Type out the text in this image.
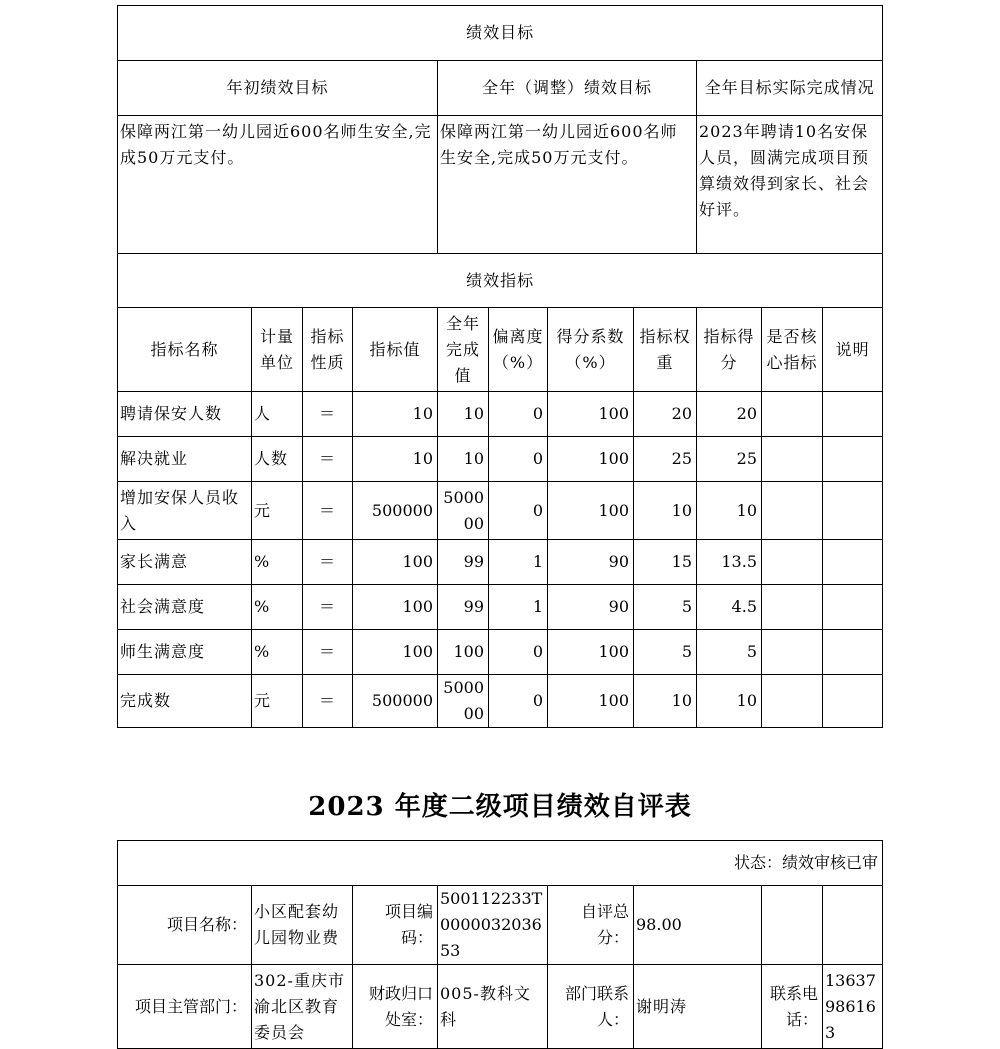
绩效目标										
年初绩效目标				全年（调整）绩效目标				全年目标实际完成情况		
保障两江第一幼儿园近600名师生安全,完成50万元支付。				保障两江第一幼儿园近600名师生安全,完成50万元支付。				2023年聘请10名安保人员，圆满完成项目预算绩效得到家长、社会好评。		
绩效指标										
指标名称	计量单位	指标性质	指标值	全年完成值	偏离度（%）	得分系数（%）	指标权重	指标得分	是否核心指标	说明
聘请保安人数	人	＝	10	10	0	100	20	20		
解决就业	人数	＝	10	10	0	100	25	25		
增加安保人员收入	元	＝	500000	500000	0	100	10	10		
家长满意	%	＝	100	99	1	90	15	13.5		
社会满意度	%	＝	100	99	1	90	5	4.5		
师生满意度	%	＝	100	100	0	100	5	5		
完成数	元	＝	500000	500000	0	100	10	10		
2023 年度二级项目绩效自评表
状态：绩效审核已审							
项目名称：	小区配套幼儿园物业费	项目编码：	500112233T000003203653	自评总分：	98.00		
项目主管部门：	302-重庆市渝北区教育委员会	财政归口处室：	005-教科文科	部门联系人：	谢明涛	联系电话：	13637986163
